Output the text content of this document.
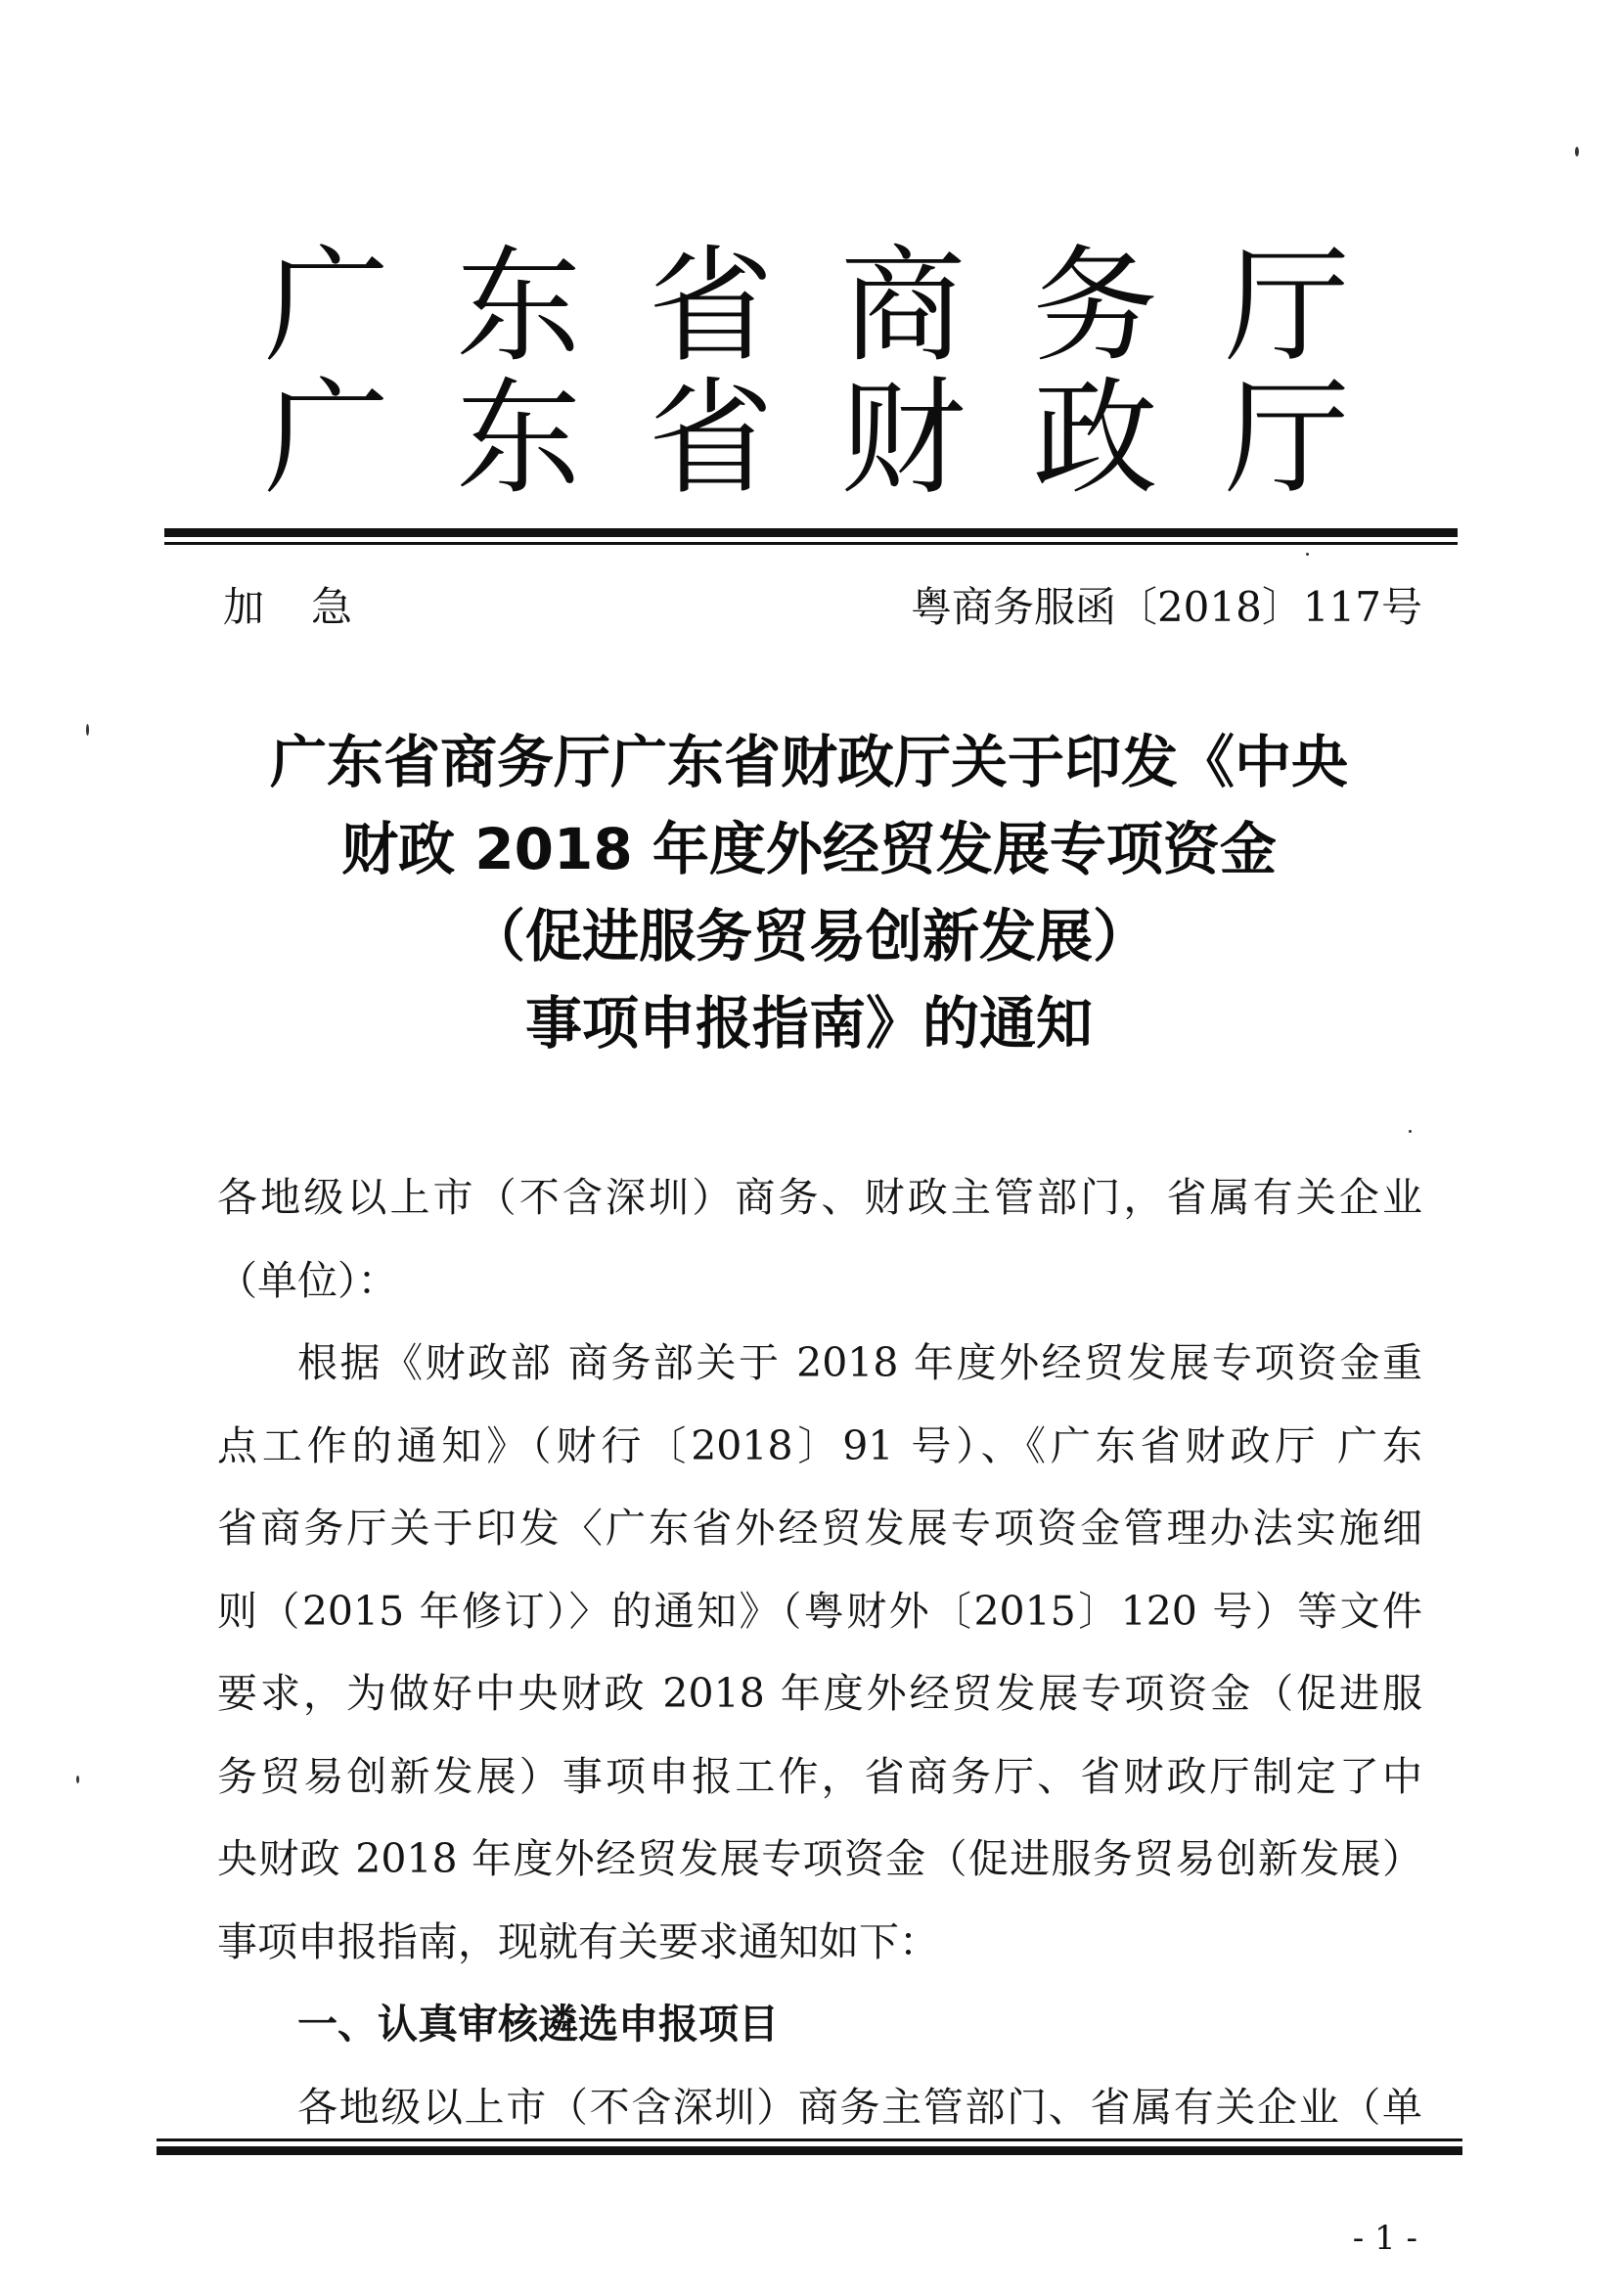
广 东 省 商 务 厅
广 东 省 财 政 厅
加急	粤商务服函〔2018〕117号
广东省商务厅广东省财政厅关于印发《中央
财政 2018 年度外经贸发展专项资金
（促进服务贸易创新发展）
事项申报指南》的通知
各地级以上市（不含深圳）商务、财政主管部门，省属有关企业
（单位）：
根据《财政部 商务部关于 2018 年度外经贸发展专项资金重
点工作的通知》（财行〔2018〕91 号）、《广东省财政厅 广东
省商务厅关于印发〈广东省外经贸发展专项资金管理办法实施细
则（2015 年修订）〉的通知》（粤财外〔2015〕120 号）等文件
要求，为做好中央财政 2018 年度外经贸发展专项资金（促进服
务贸易创新发展）事项申报工作，省商务厅、省财政厅制定了中
央财政 2018 年度外经贸发展专项资金（促进服务贸易创新发展）
事项申报指南，现就有关要求通知如下：
一、认真审核遴选申报项目
各地级以上市（不含深圳）商务主管部门、省属有关企业（单
- 1 -
